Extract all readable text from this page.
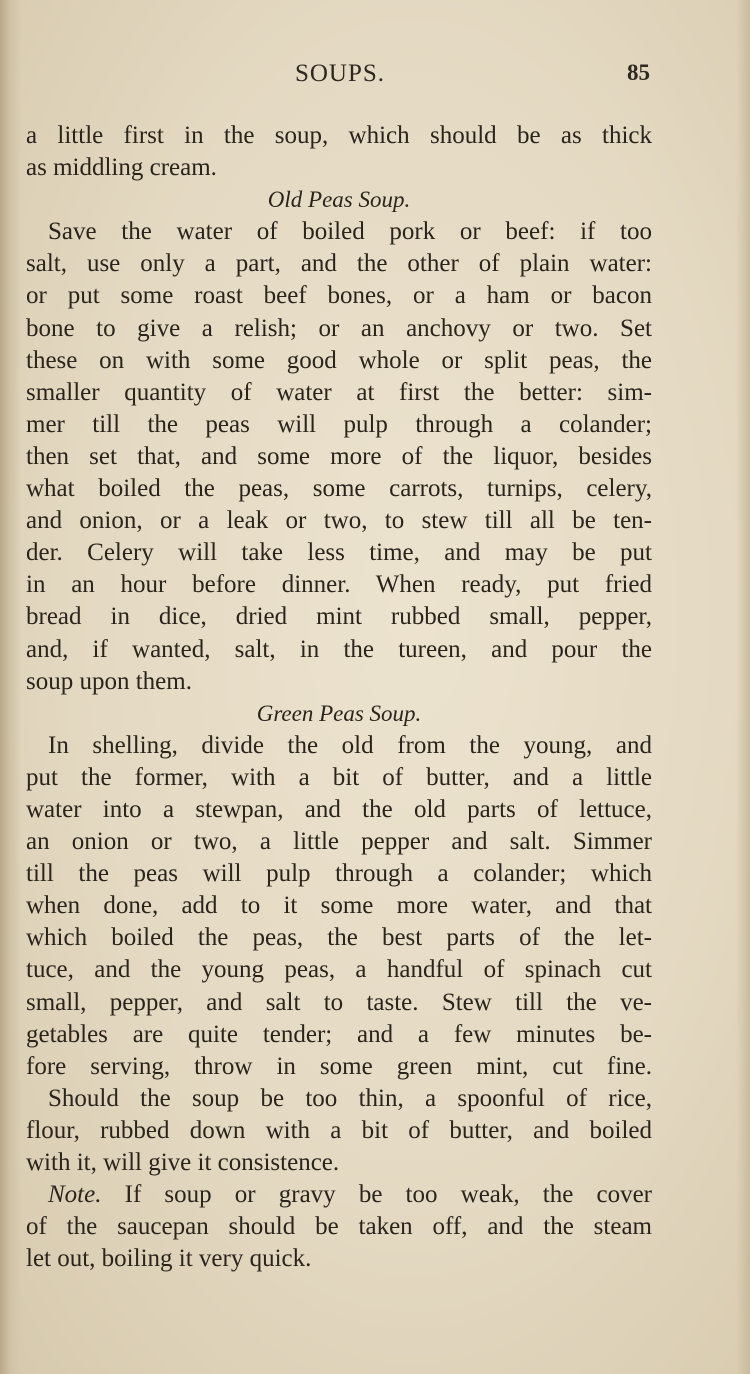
SOUPS.	85
a little first in the soup, which should be as thick
as middling cream.
Old Peas Soup.
Save the water of boiled pork or beef: if too
salt, use only a part, and the other of plain water:
or put some roast beef bones, or a ham or bacon
bone to give a relish; or an anchovy or two. Set
these on with some good whole or split peas, the
smaller quantity of water at first the better: sim-
mer till the peas will pulp through a colander;
then set that, and some more of the liquor, besides
what boiled the peas, some carrots, turnips, celery,
and onion, or a leak or two, to stew till all be ten-
der. Celery will take less time, and may be put
in an hour before dinner. When ready, put fried
bread in dice, dried mint rubbed small, pepper,
and, if wanted, salt, in the tureen, and pour the
soup upon them.
Green Peas Soup.
In shelling, divide the old from the young, and
put the former, with a bit of butter, and a little
water into a stewpan, and the old parts of lettuce,
an onion or two, a little pepper and salt. Simmer
till the peas will pulp through a colander; which
when done, add to it some more water, and that
which boiled the peas, the best parts of the let-
tuce, and the young peas, a handful of spinach cut
small, pepper, and salt to taste. Stew till the ve-
getables are quite tender; and a few minutes be-
fore serving, throw in some green mint, cut fine.
Should the soup be too thin, a spoonful of rice,
flour, rubbed down with a bit of butter, and boiled
with it, will give it consistence.
Note. If soup or gravy be too weak, the cover
of the saucepan should be taken off, and the steam
let out, boiling it very quick.
